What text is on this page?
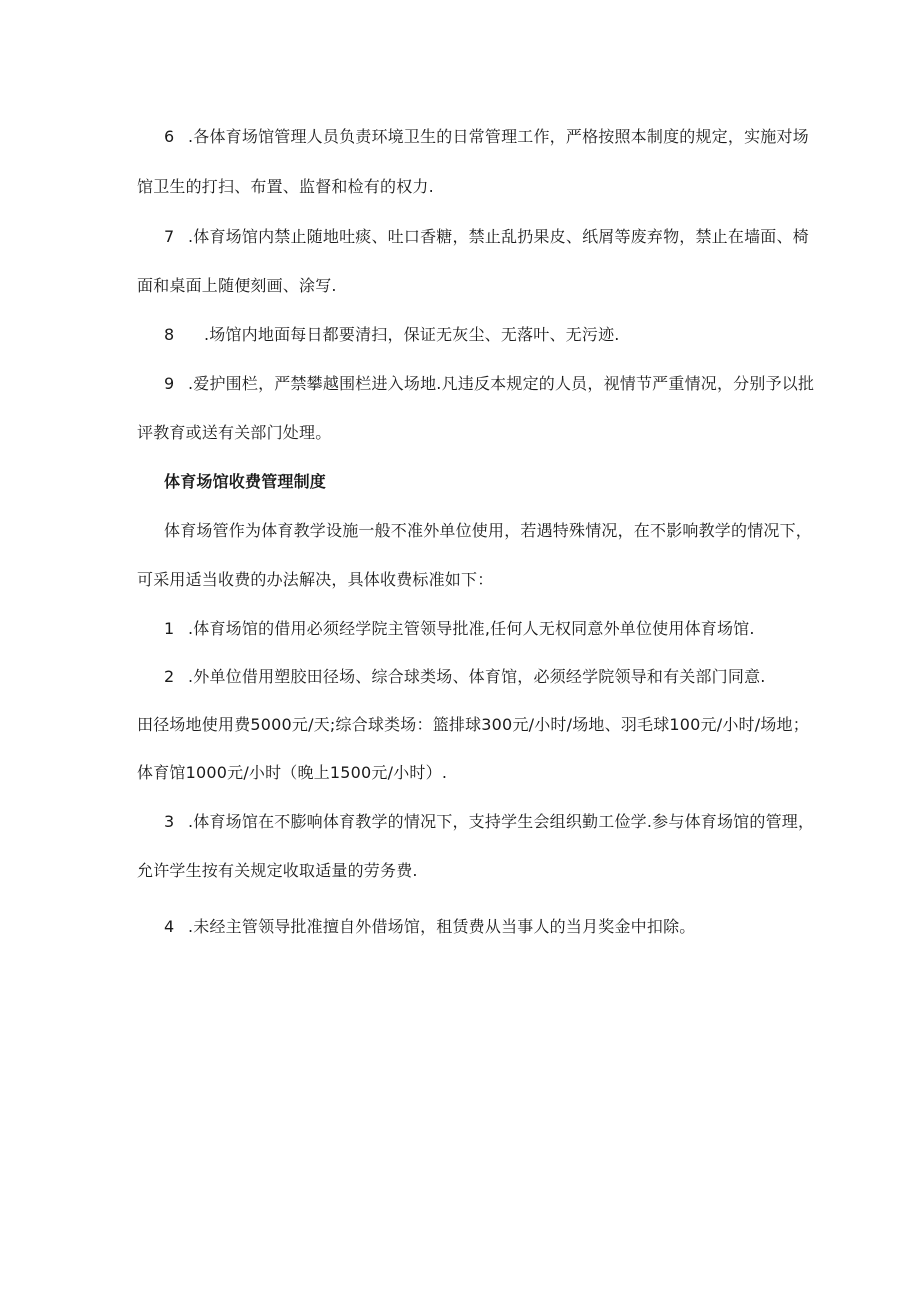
6 .各体育场馆管理人员负责环境卫生的日常管理工作，严格按照本制度的规定，实施对场
馆卫生的打扫、布置、监督和检有的权力.
7 .体育场馆内禁止随地吐痰、吐口香糖，禁止乱扔果皮、纸屑等废弃物，禁止在墙面、椅
面和桌面上随便刻画、涂写.
8 .场馆内地面每日都要清扫，保证无灰尘、无落叶、无污迹.
9 .爱护围栏，严禁攀越围栏进入场地.凡违反本规定的人员，视情节严重情况，分别予以批
评教育或送有关部门处理。
体育场馆收费管理制度
体育场管作为体育教学设施一般不准外单位使用，若遇特殊情况，在不影响教学的情况下，
可采用适当收费的办法解决，具体收费标准如下：
1 .体育场馆的借用必须经学院主管领导批准,任何人无权同意外单位使用体育场馆.
2 .外单位借用塑胶田径场、综合球类场、体育馆，必须经学院领导和有关部门同意.
田径场地使用费5000元/天;综合球类场：篮排球300元/小时/场地、羽毛球100元/小时/场地；
体育馆1000元/小时（晚上1500元/小时）.
3 .体育场馆在不膨响体育教学的情况下，支持学生会组织勤工俭学.参与体育场馆的管理，
允许学生按有关规定收取适量的劳务费.
4 .未经主管领导批准擅自外借场馆，租赁费从当事人的当月奖金中扣除。
